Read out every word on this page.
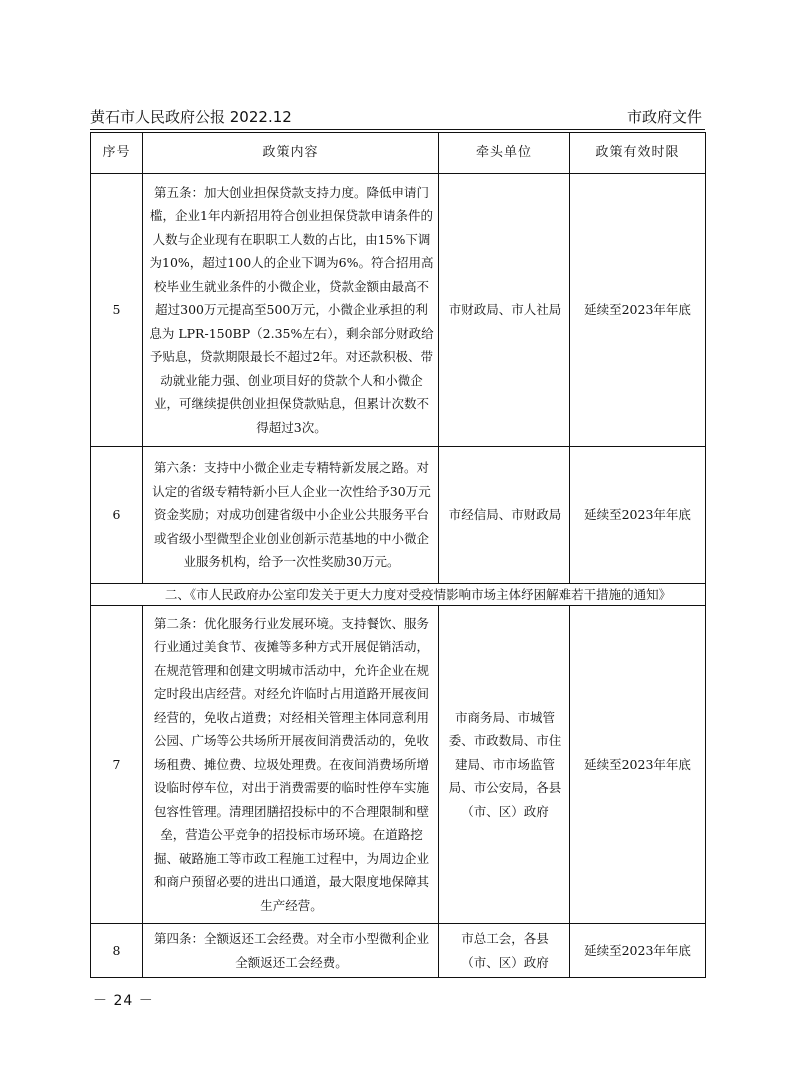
黄石市人民政府公报 2022.12	市政府文件
序号	政策内容	牵头单位	政策有效时限
5	第五条：加大创业担保贷款支持力度。降低申请门槛，企业1年内新招用符合创业担保贷款申请条件的人数与企业现有在职职工人数的占比，由15%下调为10%，超过100人的企业下调为6%。符合招用高校毕业生就业条件的小微企业，贷款金额由最高不超过300万元提高至500万元，小微企业承担的利息为 LPR-150BP（2.35%左右），剩余部分财政给予贴息，贷款期限最长不超过2年。对还款积极、带动就业能力强、创业项目好的贷款个人和小微企业，可继续提供创业担保贷款贴息，但累计次数不得超过3次。	市财政局、市人社局	延续至2023年年底
6	第六条：支持中小微企业走专精特新发展之路。对认定的省级专精特新小巨人企业一次性给予30万元资金奖励；对成功创建省级中小企业公共服务平台或省级小型微型企业创业创新示范基地的中小微企业服务机构，给予一次性奖励30万元。	市经信局、市财政局	延续至2023年年底
二、《市人民政府办公室印发关于更大力度对受疫情影响市场主体纾困解难若干措施的通知》			
7	第二条：优化服务行业发展环境。支持餐饮、服务行业通过美食节、夜摊等多种方式开展促销活动，在规范管理和创建文明城市活动中，允许企业在规定时段出店经营。对经允许临时占用道路开展夜间经营的，免收占道费；对经相关管理主体同意利用公园、广场等公共场所开展夜间消费活动的，免收场租费、摊位费、垃圾处理费。在夜间消费场所增设临时停车位，对出于消费需要的临时性停车实施包容性管理。清理团膳招投标中的不合理限制和壁垒，营造公平竞争的招投标市场环境。在道路挖掘、破路施工等市政工程施工过程中，为周边企业和商户预留必要的进出口通道，最大限度地保障其生产经营。	市商务局、市城管委、市政数局、市住建局、市市场监管局、市公安局，各县（市、区）政府	延续至2023年年底
8	第四条：全额返还工会经费。对全市小型微利企业全额返还工会经费。	市总工会，各县（市、区）政府	延续至2023年年底
－ 24 －
